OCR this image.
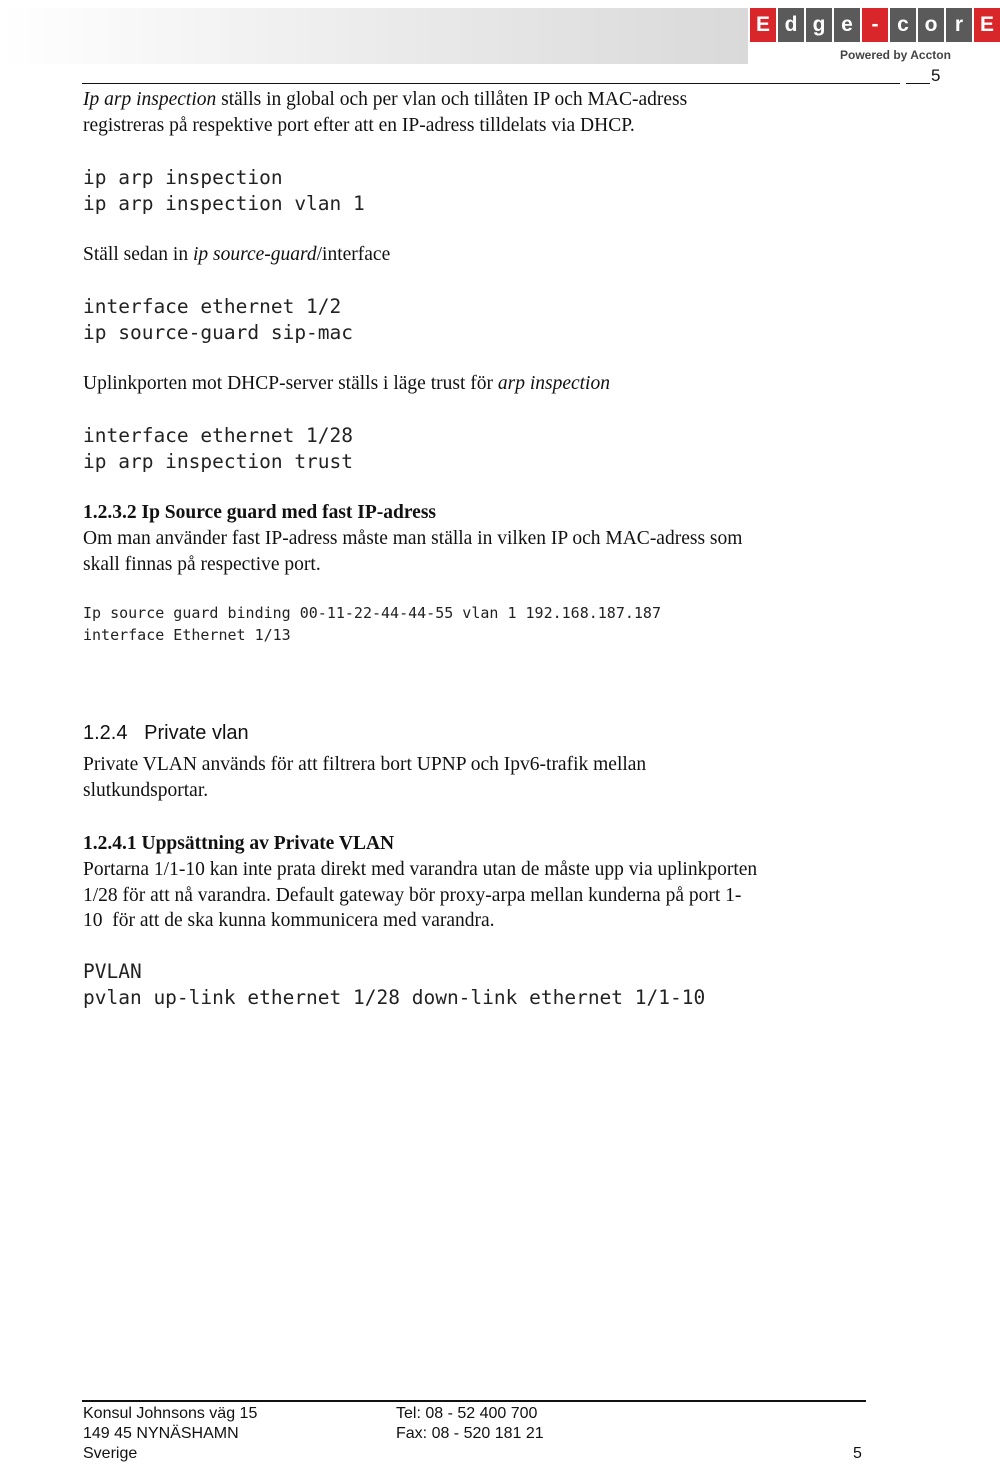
E d g e - c o r E
Powered by Accton
5
Ip arp inspection ställs in global och per vlan och tillåten IP och MAC-adress
registreras på respektive port efter att en IP-adress tilldelats via DHCP.
ip arp inspection
ip arp inspection vlan 1
Ställ sedan in ip source-guard/interface
interface ethernet 1/2
ip source-guard sip-mac
Uplinkporten mot DHCP-server ställs i läge trust för arp inspection
interface ethernet 1/28
ip arp inspection trust
1.2.3.2 Ip Source guard med fast IP-adress
Om man använder fast IP-adress måste man ställa in vilken IP och MAC-adress som
skall finnas på respective port.
Ip source guard binding 00-11-22-44-44-55 vlan 1 192.168.187.187
interface Ethernet 1/13
1.2.4   Private vlan
Private VLAN används för att filtrera bort UPNP och Ipv6-trafik mellan
slutkundsportar.
1.2.4.1 Uppsättning av Private VLAN
Portarna 1/1-10 kan inte prata direkt med varandra utan de måste upp via uplinkporten
1/28 för att nå varandra. Default gateway bör proxy-arpa mellan kunderna på port 1-
10  för att de ska kunna kommunicera med varandra.
PVLAN
pvlan up-link ethernet 1/28 down-link ethernet 1/1-10
Konsul Johnsons väg 15
149 45 NYNÄSHAMN
Sverige
Tel: 08 - 52 400 700
Fax: 08 - 520 181 21
5
